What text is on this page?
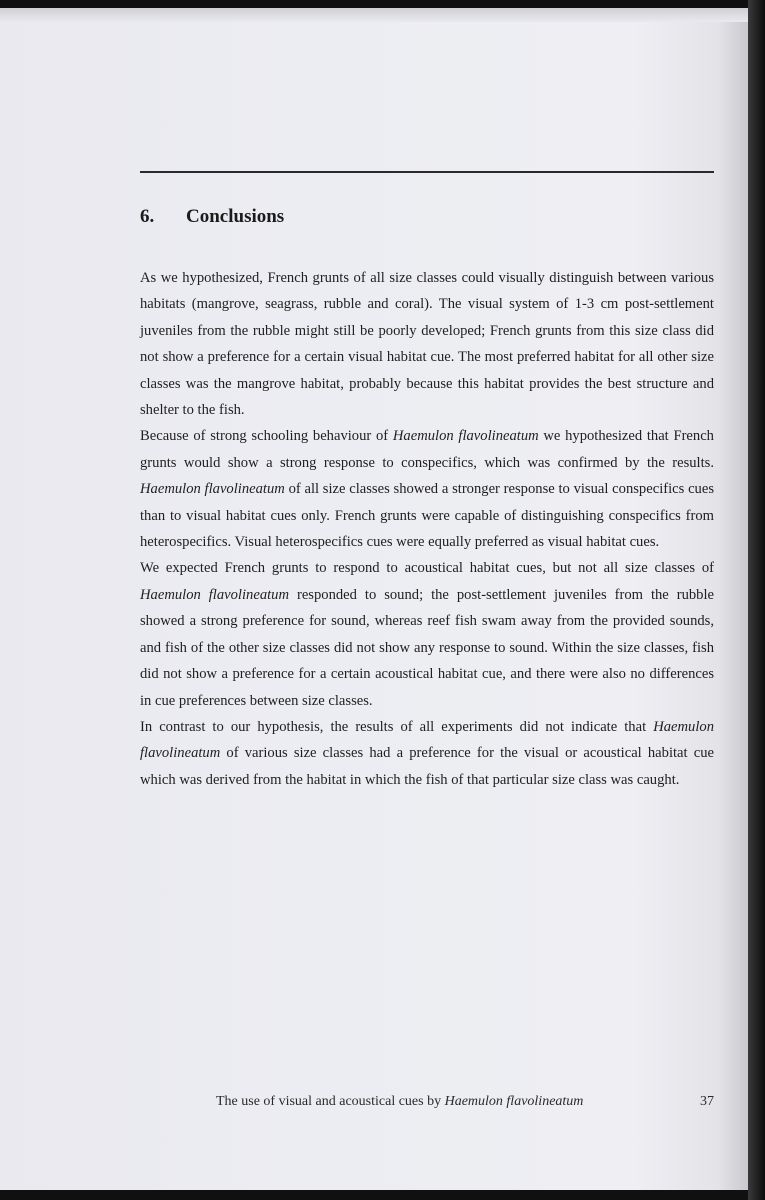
6. Conclusions

As we hypothesized, French grunts of all size classes could visually distinguish between various habitats (mangrove, seagrass, rubble and coral). The visual system of 1-3 cm post-settlement juveniles from the rubble might still be poorly developed; French grunts from this size class did not show a preference for a certain visual habitat cue. The most preferred habitat for all other size classes was the mangrove habitat, probably because this habitat provides the best structure and shelter to the fish.

Because of strong schooling behaviour of Haemulon flavolineatum we hypothesized that French grunts would show a strong response to conspecifics, which was confirmed by the results. Haemulon flavolineatum of all size classes showed a stronger response to visual conspecifics cues than to visual habitat cues only. French grunts were capable of distinguishing conspecifics from heterospecifics. Visual heterospecifics cues were equally preferred as visual habitat cues.

We expected French grunts to respond to acoustical habitat cues, but not all size classes of Haemulon flavolineatum responded to sound; the post-settlement juveniles from the rubble showed a strong preference for sound, whereas reef fish swam away from the provided sounds, and fish of the other size classes did not show any response to sound. Within the size classes, fish did not show a preference for a certain acoustical habitat cue, and there were also no differences in cue preferences between size classes.

In contrast to our hypothesis, the results of all experiments did not indicate that Haemulon flavolineatum of various size classes had a preference for the visual or acoustical habitat cue which was derived from the habitat in which the fish of that particular size class was caught.

The use of visual and acoustical cues by Haemulon flavolineatum	37
